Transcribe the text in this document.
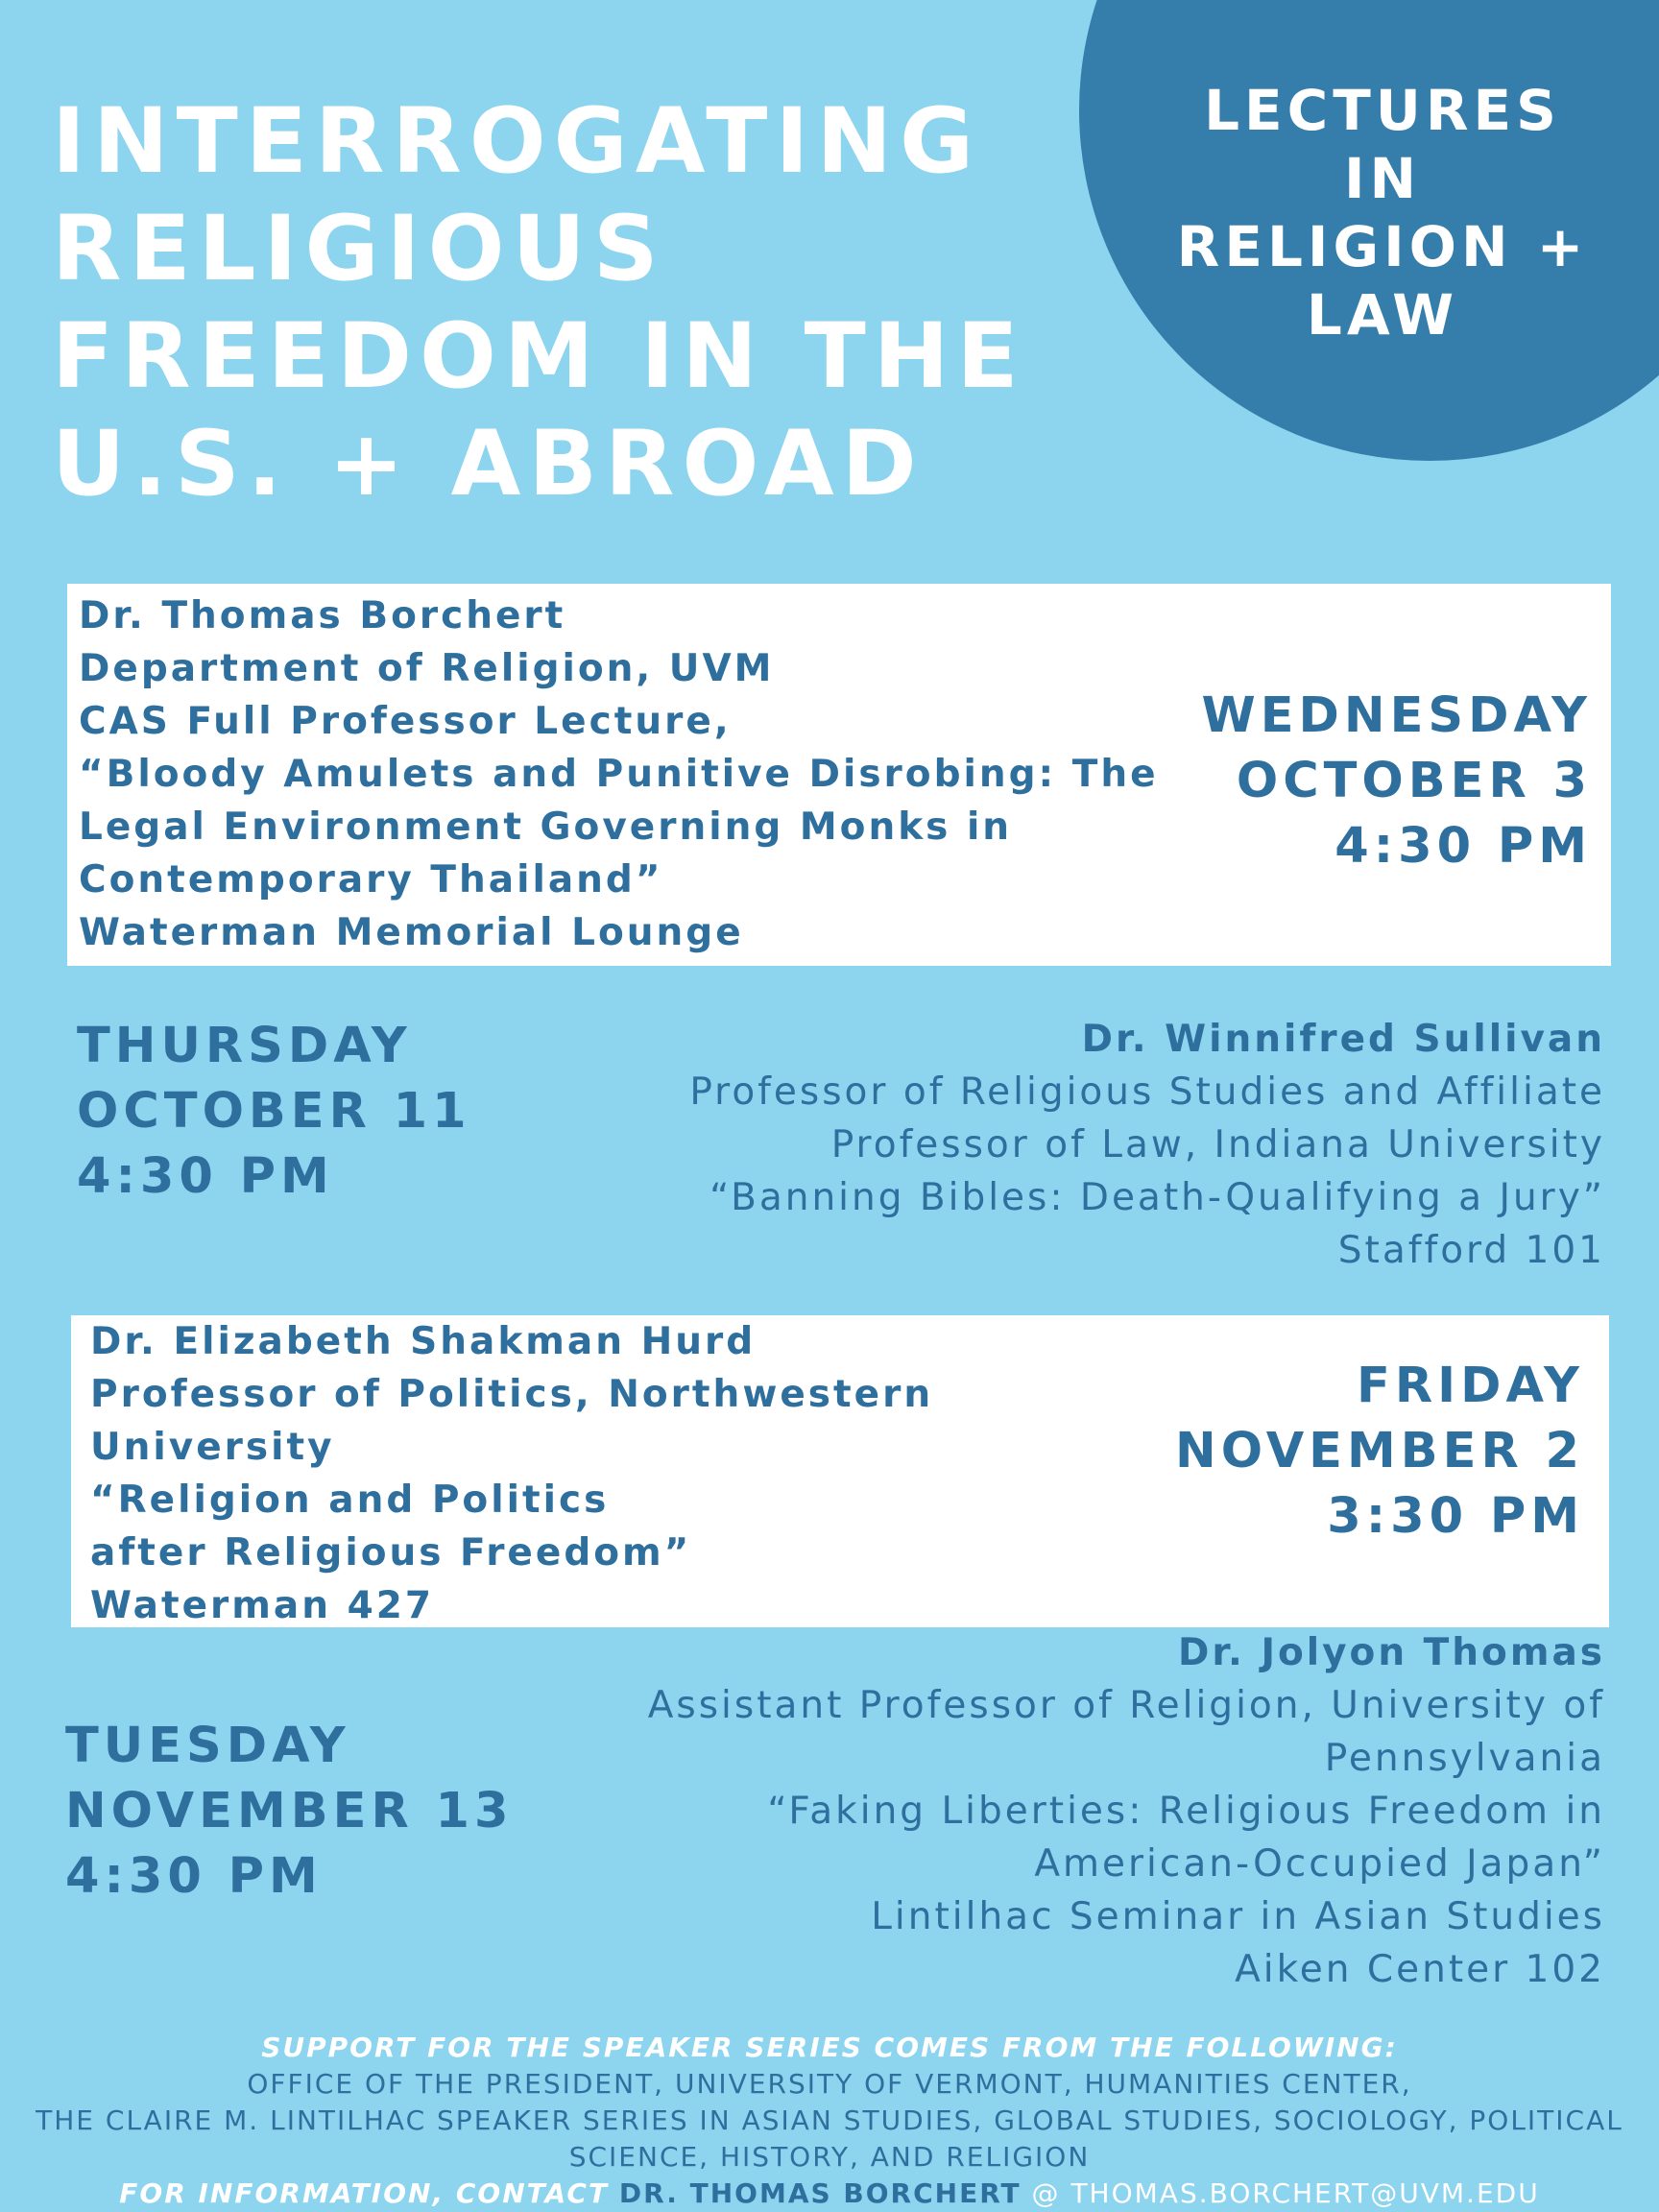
INTERROGATING
RELIGIOUS
FREEDOM IN THE
U.S. + ABROAD
LECTURES
IN
RELIGION +
LAW
Dr. Thomas Borchert
Department of Religion, UVM
CAS Full Professor Lecture,
“Bloody Amulets and Punitive Disrobing: The
Legal Environment Governing Monks in
Contemporary Thailand”
Waterman Memorial Lounge
WEDNESDAY
OCTOBER 3
4:30 PM
THURSDAY
OCTOBER 11
4:30 PM
Dr. Winnifred Sullivan
Professor of Religious Studies and Affiliate
Professor of Law, Indiana University
“Banning Bibles: Death-Qualifying a Jury”
Stafford 101
Dr. Elizabeth Shakman Hurd
Professor of Politics, Northwestern
University
“Religion and Politics
after Religious Freedom”
Waterman 427
FRIDAY
NOVEMBER 2
3:30 PM
Dr. Jolyon Thomas
Assistant Professor of Religion, University of
Pennsylvania
“Faking Liberties: Religious Freedom in
American-Occupied Japan”
Lintilhac Seminar in Asian Studies
Aiken Center 102
TUESDAY
NOVEMBER 13
4:30 PM
SUPPORT FOR THE SPEAKER SERIES COMES FROM THE FOLLOWING:
OFFICE OF THE PRESIDENT, UNIVERSITY OF VERMONT, HUMANITIES CENTER,
THE CLAIRE M. LINTILHAC SPEAKER SERIES IN ASIAN STUDIES, GLOBAL STUDIES, SOCIOLOGY, POLITICAL
SCIENCE, HISTORY, AND RELIGION
FOR INFORMATION, CONTACT DR. THOMAS BORCHERT @ THOMAS.BORCHERT@UVM.EDU
